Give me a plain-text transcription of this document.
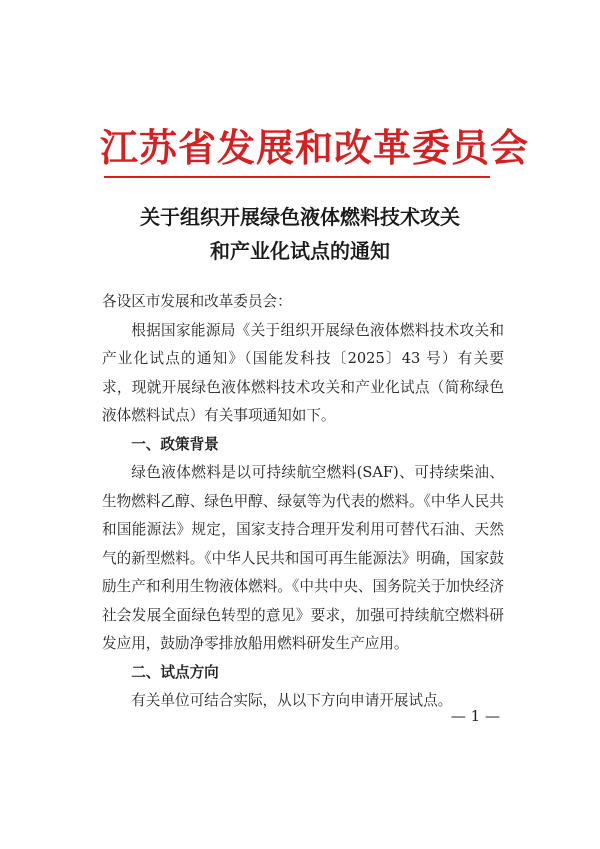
江苏省发展和改革委员会
关于组织开展绿色液体燃料技术攻关
和产业化试点的通知

各设区市发展和改革委员会：

根据国家能源局《关于组织开展绿色液体燃料技术攻关和产业化试点的通知》（国能发科技〔2025〕43 号）有关要求，现就开展绿色液体燃料技术攻关和产业化试点（简称绿色液体燃料试点）有关事项通知如下。

一、政策背景

绿色液体燃料是以可持续航空燃料(SAF)、可持续柴油、生物燃料乙醇、绿色甲醇、绿氨等为代表的燃料。《中华人民共和国能源法》规定，国家支持合理开发利用可替代石油、天然气的新型燃料。《中华人民共和国可再生能源法》明确，国家鼓励生产和利用生物液体燃料。《中共中央、国务院关于加快经济社会发展全面绿色转型的意见》要求，加强可持续航空燃料研发应用，鼓励净零排放船用燃料研发生产应用。

二、试点方向

有关单位可结合实际，从以下方向申请开展试点。

— 1 —
